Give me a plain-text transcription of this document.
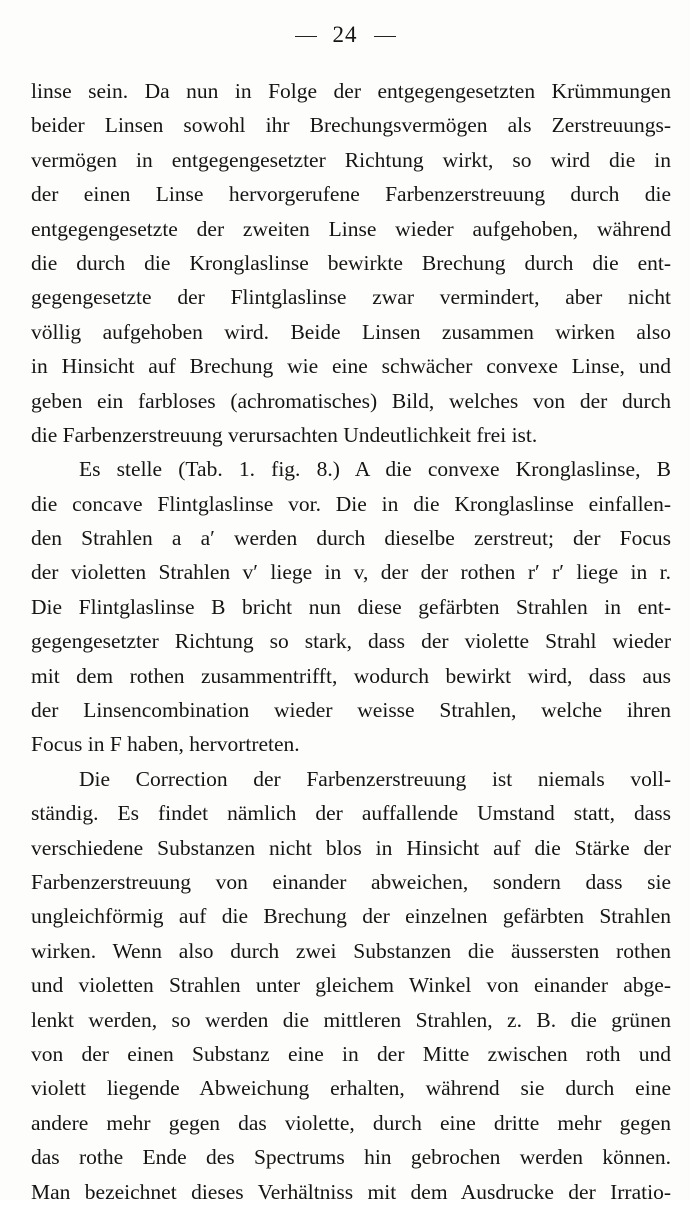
24
linse sein. Da nun in Folge der entgegengesetzten Krümmungen
beider Linsen sowohl ihr Brechungsvermögen als Zerstreuungs-
vermögen in entgegengesetzter Richtung wirkt, so wird die in
der einen Linse hervorgerufene Farbenzerstreuung durch die
entgegengesetzte der zweiten Linse wieder aufgehoben, während
die durch die Kronglaslinse bewirkte Brechung durch die ent-
gegengesetzte der Flintglaslinse zwar vermindert, aber nicht
völlig aufgehoben wird. Beide Linsen zusammen wirken also
in Hinsicht auf Brechung wie eine schwächer convexe Linse, und
geben ein farbloses (achromatisches) Bild, welches von der durch
die Farbenzerstreuung verursachten Undeutlichkeit frei ist.
Es stelle (Tab. 1. fig. 8.) A die convexe Kronglaslinse, B
die concave Flintglaslinse vor. Die in die Kronglaslinse einfallen-
den Strahlen a a′ werden durch dieselbe zerstreut; der Focus
der violetten Strahlen v′ liege in v, der der rothen r′ r′ liege in r.
Die Flintglaslinse B bricht nun diese gefärbten Strahlen in ent-
gegengesetzter Richtung so stark, dass der violette Strahl wieder
mit dem rothen zusammentrifft, wodurch bewirkt wird, dass aus
der Linsencombination wieder weisse Strahlen, welche ihren
Focus in F haben, hervortreten.
Die Correction der Farbenzerstreuung ist niemals voll-
ständig. Es findet nämlich der auffallende Umstand statt, dass
verschiedene Substanzen nicht blos in Hinsicht auf die Stärke der
Farbenzerstreuung von einander abweichen, sondern dass sie
ungleichförmig auf die Brechung der einzelnen gefärbten Strahlen
wirken. Wenn also durch zwei Substanzen die äussersten rothen
und violetten Strahlen unter gleichem Winkel von einander abge-
lenkt werden, so werden die mittleren Strahlen, z. B. die grünen
von der einen Substanz eine in der Mitte zwischen roth und
violett liegende Abweichung erhalten, während sie durch eine
andere mehr gegen das violette, durch eine dritte mehr gegen
das rothe Ende des Spectrums hin gebrochen werden können.
Man bezeichnet dieses Verhältniss mit dem Ausdrucke der Irratio-
